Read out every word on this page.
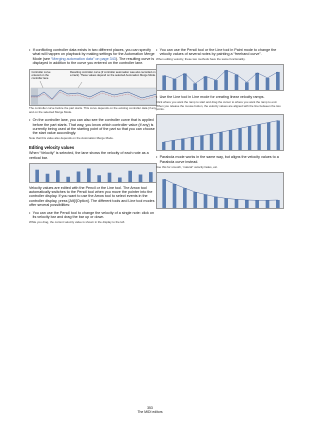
• If conflicting controller data exists in two different places, you can specify what will happen on playback by making settings for the Automation Merge Mode (see “Merging automation data” on page 343). The resulting curve is displayed in addition to the curve you entered on the controller lane.

Controller curve entered on the controller lane
Resulting controller curve (if controller automation was also recorded on a track). These values depend on the selected Automation Merge Mode.

The controller curve before the part starts. This curve depends on the existing controller data (if any) and on the selected Merge Mode.

• On the controller lane, you can also see the controller curve that is applied before the part starts. That way, you know which controller value (if any) is currently being used at the starting point of the part so that you can choose the start value accordingly.

Note that this value also depends on the Automation Merge Mode.

Editing velocity values

When “Velocity” is selected, the lane shows the velocity of each note as a vertical bar.

Velocity values are edited with the Pencil or the Line tool. The Arrow tool automatically switches to the Pencil tool when you move the pointer into the controller display. If you want to use the Arrow tool to select events in the controller display, press [Alt]/[Option]. The different tools and Line tool modes offer several possibilities:

• You can use the Pencil tool to change the velocity of a single note: click on its velocity bar and drag the bar up or down.

While you drag, the current velocity value is shown in the display to the left.

• You can use the Pencil tool or the Line tool in Paint mode to change the velocity values of several notes by painting a “freehand curve”.

When editing velocity, these two methods have the same functionality.

• Use the Line tool in Line mode for creating linear velocity ramps.

Click where you want the ramp to start and drag the cursor to where you want the ramp to end. When you release the mouse button, the velocity values are aligned with the line between the two points.

• Parabola mode works in the same way, but aligns the velocity values to a Parabola curve instead.

Use this for smooth, “natural” velocity fades, etc.

353
The MIDI editors
